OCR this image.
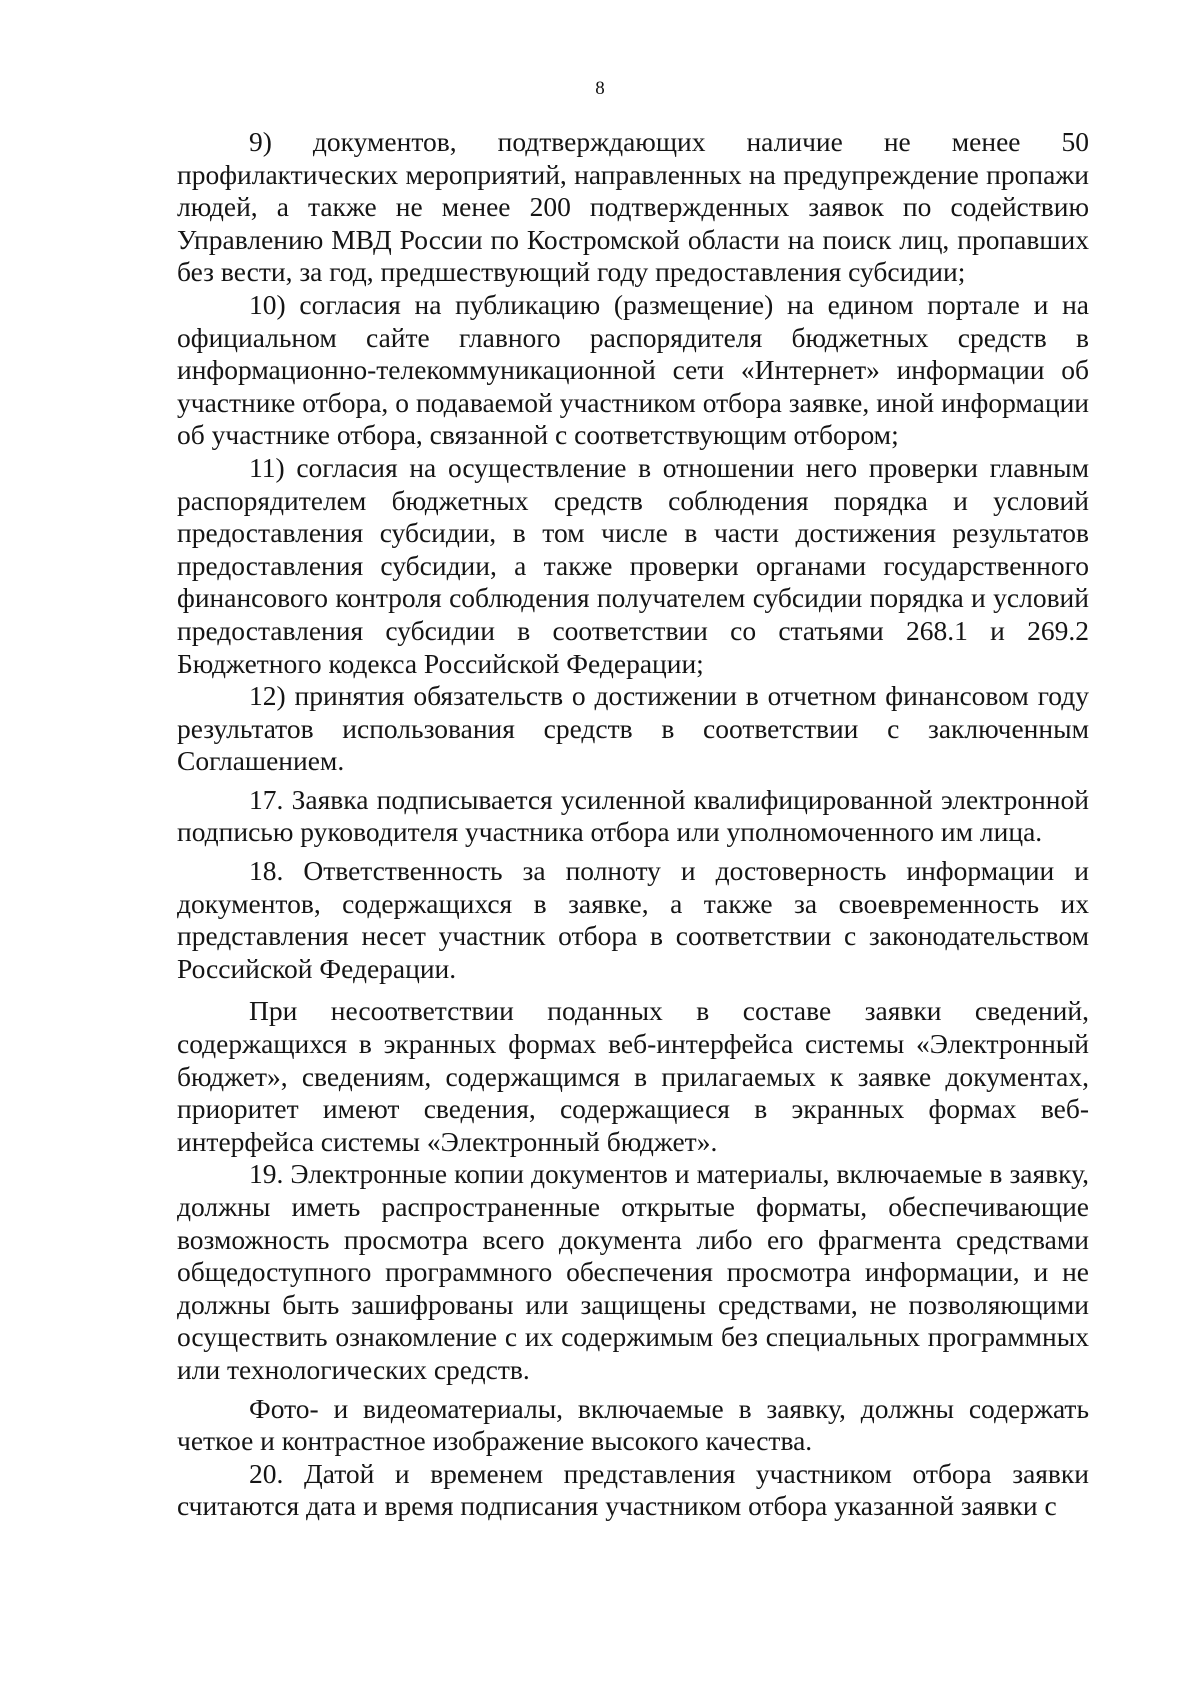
8

9) документов, подтверждающих наличие не менее 50 профилактических мероприятий, направленных на предупреждение пропажи людей, а также не менее 200 подтвержденных заявок по содействию Управлению МВД России по Костромской области на поиск лиц, пропавших без вести, за год, предшествующий году предоставления субсидии;

10) согласия на публикацию (размещение) на едином портале и на официальном сайте главного распорядителя бюджетных средств в информационно-телекоммуникационной сети «Интернет» информации об участнике отбора, о подаваемой участником отбора заявке, иной информации об участнике отбора, связанной с соответствующим отбором;

11) согласия на осуществление в отношении него проверки главным распорядителем бюджетных средств соблюдения порядка и условий предоставления субсидии, в том числе в части достижения результатов предоставления субсидии, а также проверки органами государственного финансового контроля соблюдения получателем субсидии порядка и условий предоставления субсидии в соответствии со статьями 268.1 и 269.2 Бюджетного кодекса Российской Федерации;

12) принятия обязательств о достижении в отчетном финансовом году результатов использования средств в соответствии с заключенным Соглашением.

17. Заявка подписывается усиленной квалифицированной электронной подписью руководителя участника отбора или уполномоченного им лица.

18. Ответственность за полноту и достоверность информации и документов, содержащихся в заявке, а также за своевременность их представления несет участник отбора в соответствии с законодательством Российской Федерации.

При несоответствии поданных в составе заявки сведений, содержащихся в экранных формах веб-интерфейса системы «Электронный бюджет», сведениям, содержащимся в прилагаемых к заявке документах, приоритет имеют сведения, содержащиеся в экранных формах веб-интерфейса системы «Электронный бюджет».

19. Электронные копии документов и материалы, включаемые в заявку, должны иметь распространенные открытые форматы, обеспечивающие возможность просмотра всего документа либо его фрагмента средствами общедоступного программного обеспечения просмотра информации, и не должны быть зашифрованы или защищены средствами, не позволяющими осуществить ознакомление с их содержимым без специальных программных или технологических средств.

Фото- и видеоматериалы, включаемые в заявку, должны содержать четкое и контрастное изображение высокого качества.

20. Датой и временем представления участником отбора заявки считаются дата и время подписания участником отбора указанной заявки с
